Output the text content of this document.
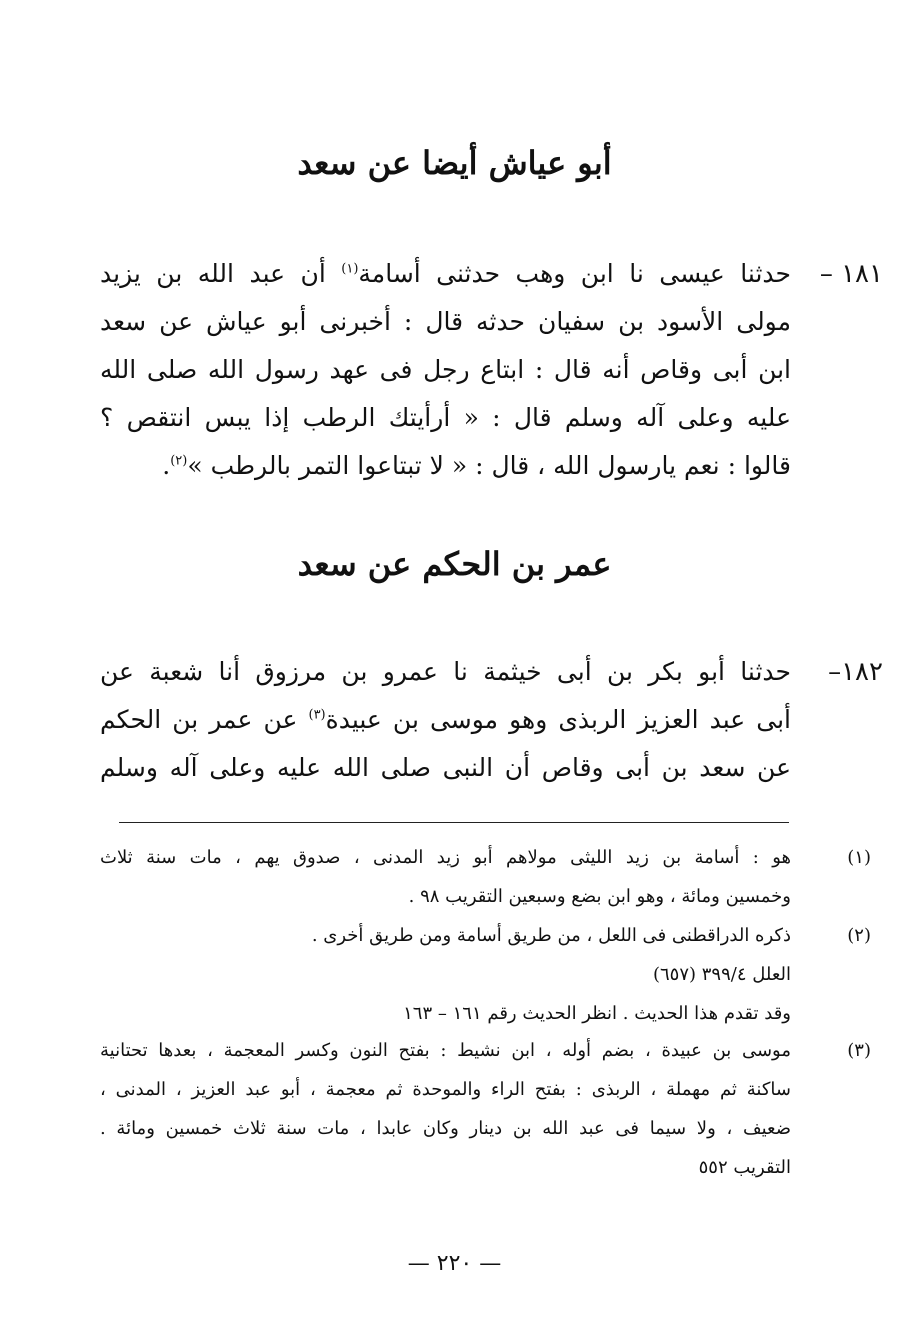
أبو عياش أيضا عن سعد
١٨١ –
حدثنا عيسى نا ابن وهب حدثنى أسامة$^{(١)}$ أن عبد الله بن يزيد
مولى الأسود بن سفيان حدثه قال : أخبرنى أبو عياش عن سعد
ابن أبى وقاص أنه قال : ابتاع رجل فى عهد رسول الله صلى الله
عليه وعلى آله وسلم قال : « أرأيتك الرطب إذا يبس انتقص ؟
قالوا : نعم يارسول الله ، قال : « لا تبتاعوا التمر بالرطب »$^{(٢)}$.
عمر بن الحكم عن سعد
١٨٢–
حدثنا أبو بكر بن أبى خيثمة نا عمرو بن مرزوق أنا شعبة عن
أبى عبد العزيز الربذى وهو موسى بن عبيدة$^{(٣)}$ عن عمر بن الحكم
عن سعد بن أبى وقاص أن النبى صلى الله عليه وعلى آله وسلم
(١)
هو : أسامة بن زيد الليثى مولاهم أبو زيد المدنى ، صدوق يهم ، مات سنة ثلاث
وخمسين ومائة ، وهو ابن بضع وسبعين التقريب ٩٨ .
(٢)
ذكره الدراقطنى فى اللعل ، من طريق أسامة ومن طريق أخرى .
العلل ٣٩٩/٤ (٦٥٧)
وقد تقدم هذا الحديث . انظر الحديث رقم ١٦١ – ١٦٣
(٣)
موسى بن عبيدة ، بضم أوله ، ابن نشيط : بفتح النون وكسر المعجمة ، بعدها تحتانية
ساكنة ثم مهملة ، الربذى : بفتح الراء والموحدة ثم معجمة ، أبو عبد العزيز ، المدنى ،
ضعيف ، ولا سيما فى عبد الله بن دينار وكان عابدا ، مات سنة ثلاث خمسين ومائة .
التقريب ٥٥٢
— ٢٢٠ —
